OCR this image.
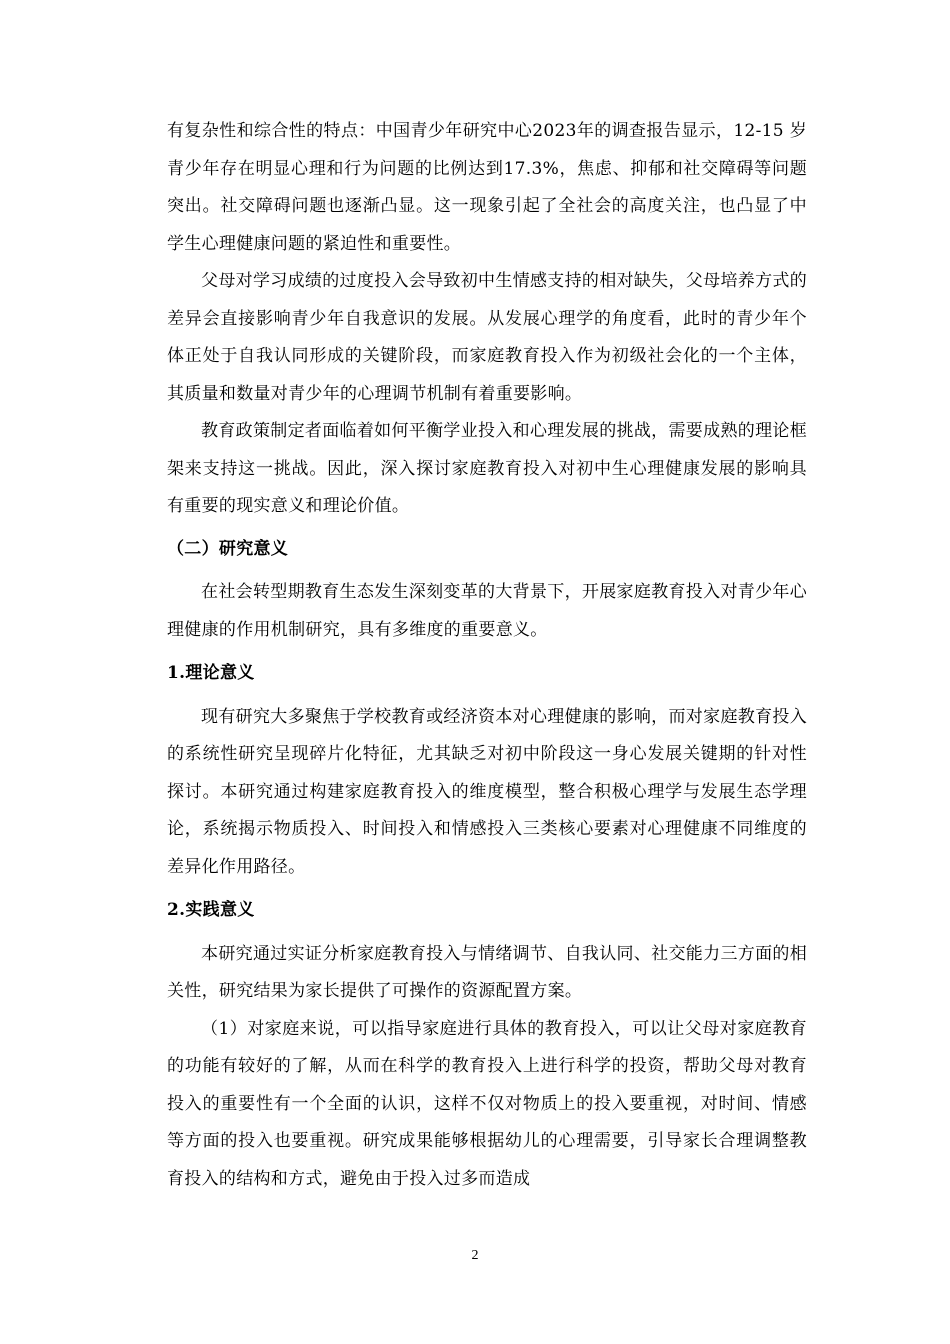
有复杂性和综合性的特点：中国青少年研究中心2023年的调查报告显示，12-15 岁青少年存在明显心理和行为问题的比例达到17.3%，焦虑、抑郁和社交障碍等问题突出。社交障碍问题也逐渐凸显。这一现象引起了全社会的高度关注，也凸显了中学生心理健康问题的紧迫性和重要性。

父母对学习成绩的过度投入会导致初中生情感支持的相对缺失，父母培养方式的差异会直接影响青少年自我意识的发展。从发展心理学的角度看，此时的青少年个体正处于自我认同形成的关键阶段，而家庭教育投入作为初级社会化的一个主体，其质量和数量对青少年的心理调节机制有着重要影响。

教育政策制定者面临着如何平衡学业投入和心理发展的挑战，需要成熟的理论框架来支持这一挑战。因此，深入探讨家庭教育投入对初中生心理健康发展的影响具有重要的现实意义和理论价值。

（二）研究意义

在社会转型期教育生态发生深刻变革的大背景下，开展家庭教育投入对青少年心理健康的作用机制研究，具有多维度的重要意义。

1.理论意义

现有研究大多聚焦于学校教育或经济资本对心理健康的影响，而对家庭教育投入的系统性研究呈现碎片化特征，尤其缺乏对初中阶段这一身心发展关键期的针对性探讨。本研究通过构建家庭教育投入的维度模型，整合积极心理学与发展生态学理论，系统揭示物质投入、时间投入和情感投入三类核心要素对心理健康不同维度的差异化作用路径。

2.实践意义

本研究通过实证分析家庭教育投入与情绪调节、自我认同、社交能力三方面的相关性，研究结果为家长提供了可操作的资源配置方案。

（1）对家庭来说，可以指导家庭进行具体的教育投入，可以让父母对家庭教育的功能有较好的了解，从而在科学的教育投入上进行科学的投资，帮助父母对教育投入的重要性有一个全面的认识，这样不仅对物质上的投入要重视，对时间、情感等方面的投入也要重视。研究成果能够根据幼儿的心理需要，引导家长合理调整教育投入的结构和方式，避免由于投入过多而造成

2
